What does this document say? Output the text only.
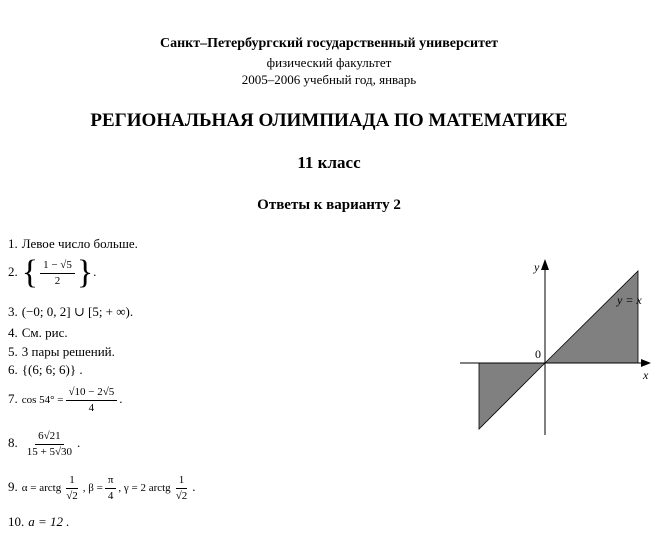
Санкт–Петербургский государственный университет
физический факультет
2005–2006 учебный год, январь
РЕГИОНАЛЬНАЯ ОЛИМПИАДА ПО МАТЕМАТИКЕ
11 класс
Ответы к варианту 2
1. Левое число больше.
2. { $\frac{1 - √5}{2}$ }.
3. (−0; 0, 2] ∪ [5; + ∞).
4. См. рис.
5. 3 пары решений.
6. {(6; 6; 6)} .
7. $\cos 54^\circ = \frac{√10 - 2√5}{4}$ .
8. $\frac{6√21}{15 + 5√30}$ .
9. α = arctg $\frac{1}{√2}$ , $\beta = \frac{\pi}{4}$ , γ = 2 arctg $\frac{1}{√2}$ .
10. a = 12 .
y
x
0
y = x
